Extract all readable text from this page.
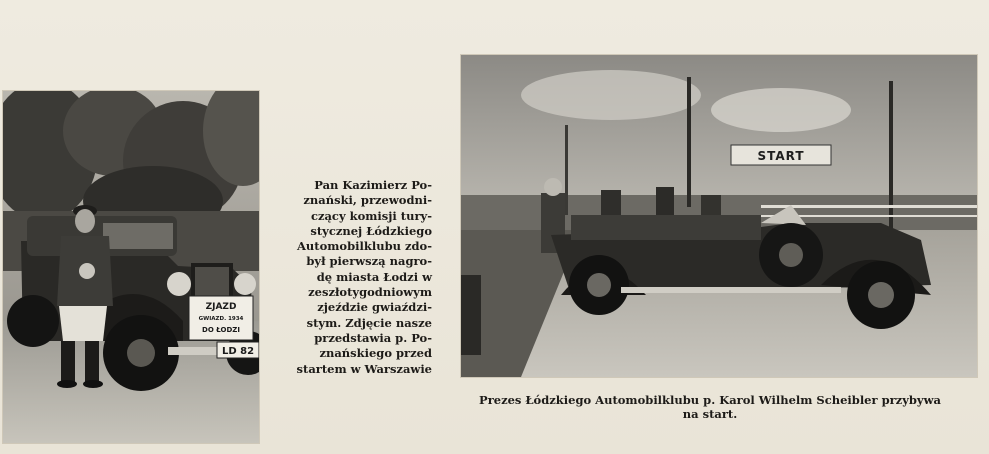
ZJAZD
GWIAZD. 1934
DO ŁODZI
LD 82
Pan Kazimierz Po-
znański, przewodni-
czący komisji tury-
stycznej Łódzkiego
Automobilklubu zdo-
był pierwszą nagro-
dę miasta Łodzi w
zeszłotygodniowym
zjeździe gwiaździ-
stym. Zdjęcie nasze
przedstawia p. Po-
znańskiego przed
startem w Warszawie
START
Prezes Łódzkiego Automobilklubu p. Karol Wilhelm Scheibler przybywa
na start.
